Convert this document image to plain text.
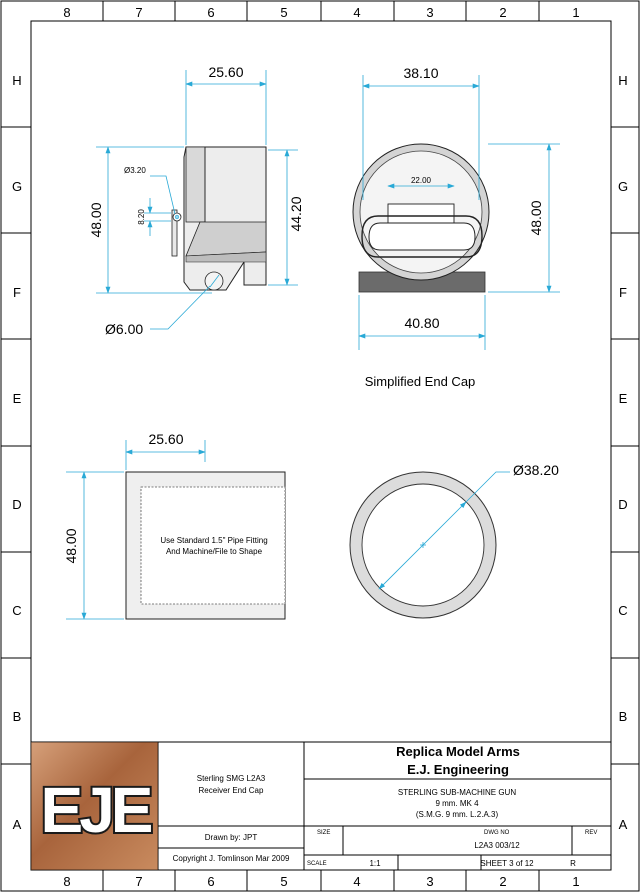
8	7	6	5	4	3	2	1
8	7	6	5	4	3	2	1
H
G
F
E
D
C
B
A
H
G
F
E
D
C
B
A
25.60
48.00	44.20
Ø6.00
Ø3.20
8.20
38.10
48.00
40.80
22.00
Simplified End Cap
Use Standard 1.5" Pipe Fitting
And Machine/File to Shape
25.60
48.00
Ø38.20
EJE	Sterling SMG L2A3
Receiver End Cap
Drawn by: JPT
Copyright J. Tomlinson Mar 2009
STERLING SUB-MACHINE GUN
9 mm. MK 4
(S.M.G. 9 mm. L.2.A.3)
L2A3 003/12
1:1	SHEET 3 of 12	R
SIZE	DWG NO	REV
SCALE
Replica Model Arms
E.J. Engineering
